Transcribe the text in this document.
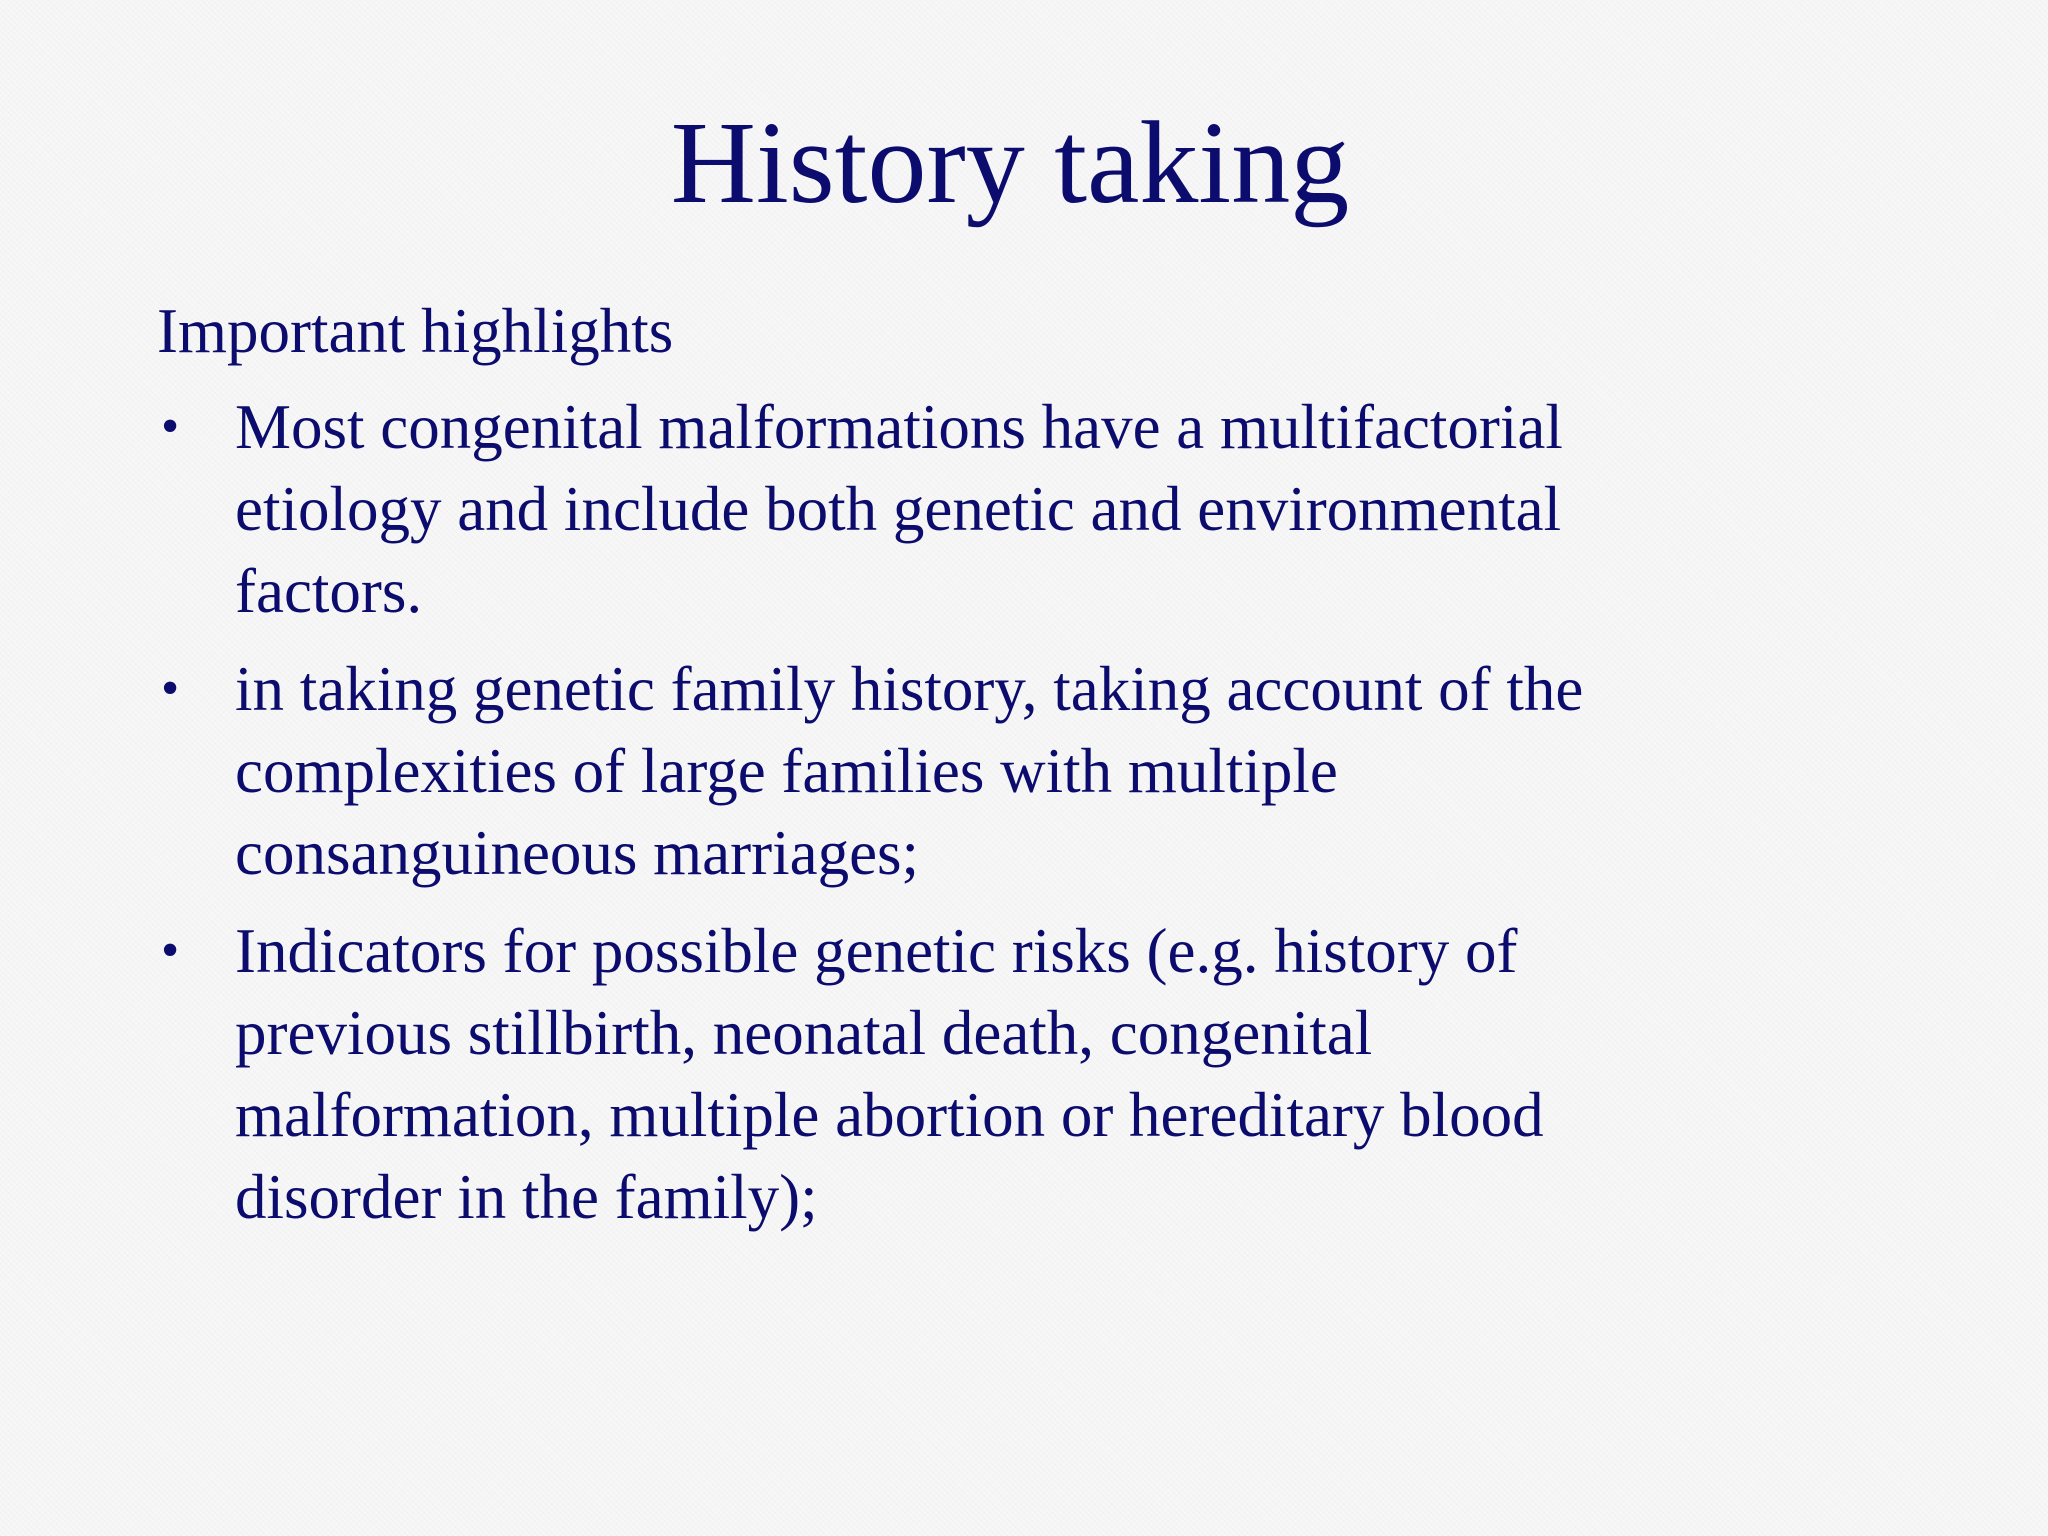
History taking
Important highlights
• Most congenital malformations have a multifactorial etiology and include both genetic and environmental factors.
• in taking genetic family history, taking account of the complexities of large families with multiple consanguineous marriages;
• Indicators for possible genetic risks (e.g. history of previous stillbirth, neonatal death, congenital malformation, multiple abortion or hereditary blood disorder in the family);
